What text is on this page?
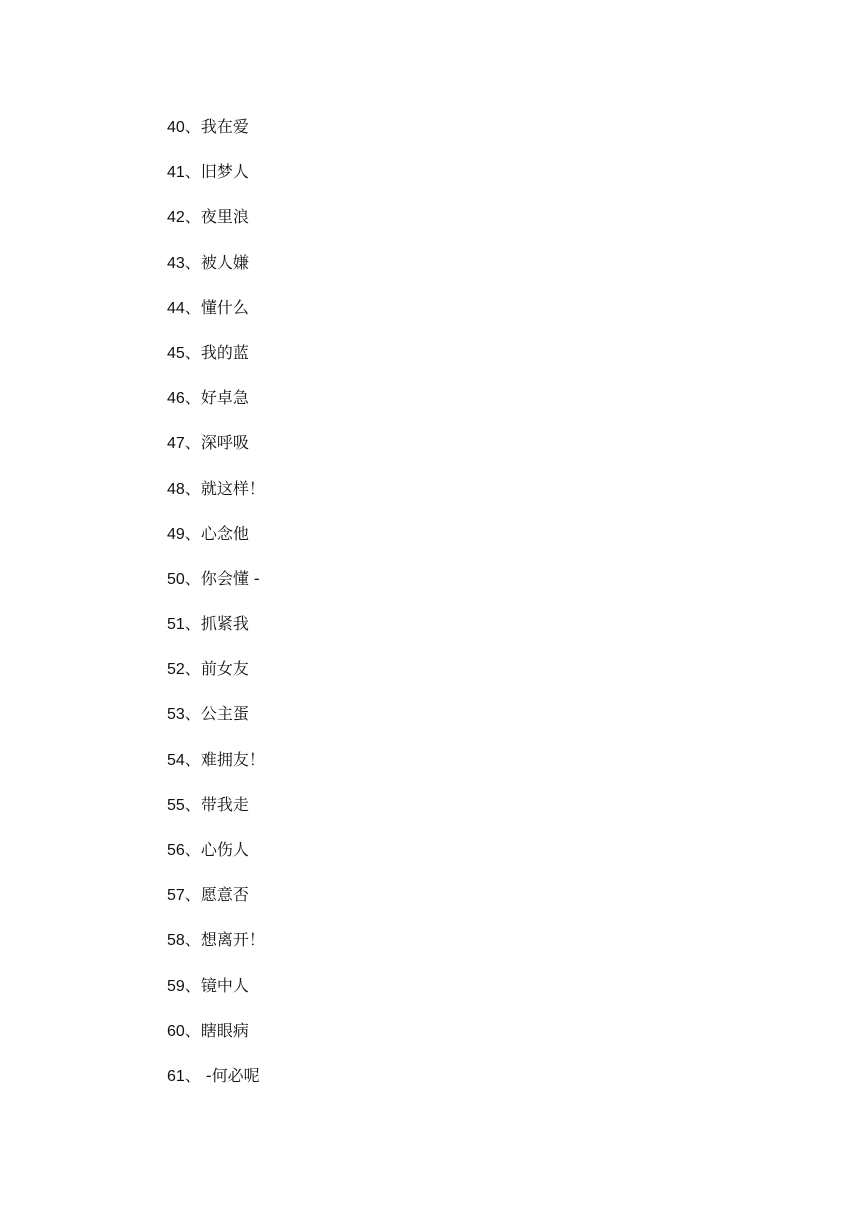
40、我在爱
41、旧梦人
42、夜里浪
43、被人嫌
44、懂什么
45、我的蓝
46、好卓急
47、深呼吸
48、就这样！
49、心念他
50、你会懂 -
51、抓紧我
52、前女友
53、公主蛋
54、难拥友！
55、带我走
56、心伤人
57、愿意否
58、想离开！
59、镜中人
60、瞎眼病
61、 -何必呢
